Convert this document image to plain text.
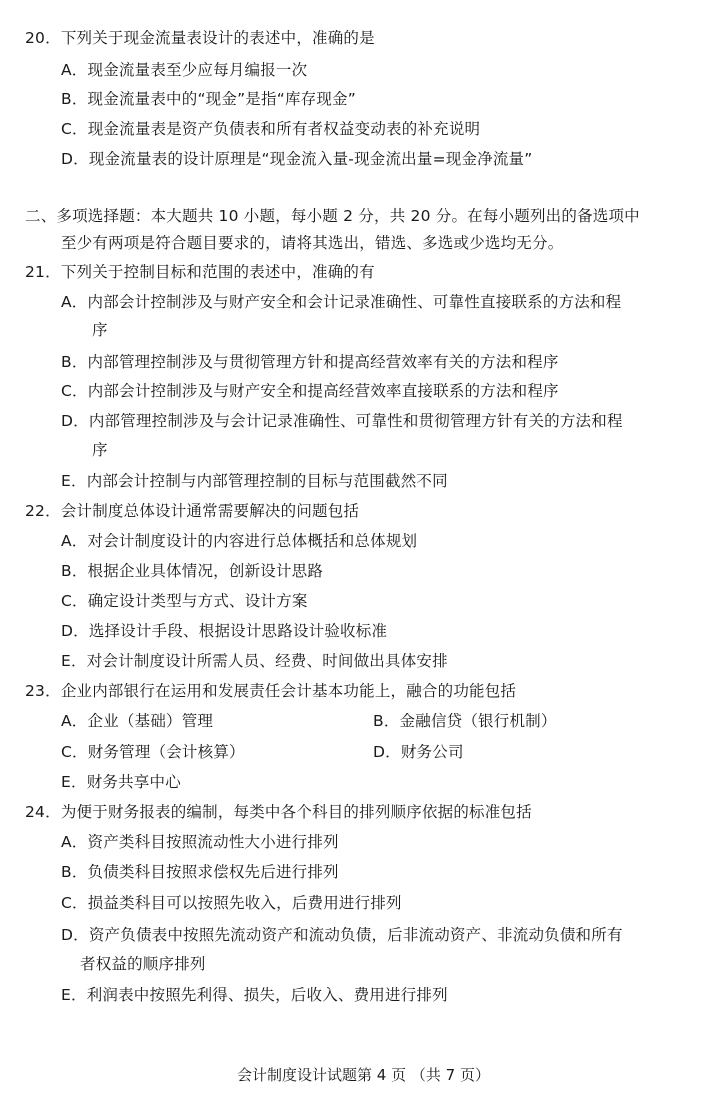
20．下列关于现金流量表设计的表述中，准确的是
A．现金流量表至少应每月编报一次
B．现金流量表中的“现金”是指“库存现金”
C．现金流量表是资产负债表和所有者权益变动表的补充说明
D．现金流量表的设计原理是“现金流入量-现金流出量=现金净流量”
二、多项选择题：本大题共 10 小题，每小题 2 分，共 20 分。在每小题列出的备选项中
至少有两项是符合题目要求的，请将其选出，错选、多选或少选均无分。
21．下列关于控制目标和范围的表述中，准确的有
A．内部会计控制涉及与财产安全和会计记录准确性、可靠性直接联系的方法和程
序
B．内部管理控制涉及与贯彻管理方针和提高经营效率有关的方法和程序
C．内部会计控制涉及与财产安全和提高经营效率直接联系的方法和程序
D．内部管理控制涉及与会计记录准确性、可靠性和贯彻管理方针有关的方法和程
序
E．内部会计控制与内部管理控制的目标与范围截然不同
22．会计制度总体设计通常需要解决的问题包括
A．对会计制度设计的内容进行总体概括和总体规划
B．根据企业具体情况，创新设计思路
C．确定设计类型与方式、设计方案
D．选择设计手段、根据设计思路设计验收标准
E．对会计制度设计所需人员、经费、时间做出具体安排
23．企业内部银行在运用和发展责任会计基本功能上，融合的功能包括
A．企业（基础）管理	B．金融信贷（银行机制）
C．财务管理（会计核算）	D．财务公司
E．财务共享中心
24．为便于财务报表的编制，每类中各个科目的排列顺序依据的标准包括
A．资产类科目按照流动性大小进行排列
B．负债类科目按照求偿权先后进行排列
C．损益类科目可以按照先收入，后费用进行排列
D．资产负债表中按照先流动资产和流动负债，后非流动资产、非流动负债和所有
者权益的顺序排列
E．利润表中按照先利得、损失，后收入、费用进行排列
会计制度设计试题第 4 页 （共 7 页）
